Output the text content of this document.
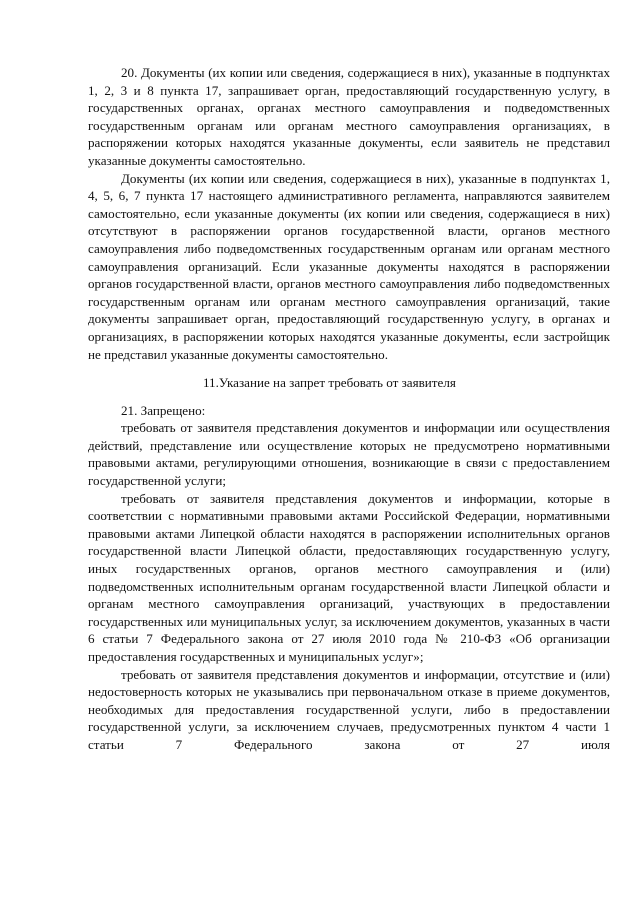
20. Документы (их копии или сведения, содержащиеся в них), указанные в подпунктах 1, 2, 3 и 8 пункта 17, запрашивает орган, предоставляющий государственную услугу, в государственных органах, органах местного самоуправления и подведомственных государственным органам или органам местного самоуправления организациях, в распоряжении которых находятся указанные документы, если заявитель не представил указанные документы самостоятельно.

Документы (их копии или сведения, содержащиеся в них), указанные в подпунктах 1, 4, 5, 6, 7 пункта 17 настоящего административного регламента, направляются заявителем самостоятельно, если указанные документы (их копии или сведения, содержащиеся в них) отсутствуют в распоряжении органов государственной власти, органов местного самоуправления либо подведомственных государственным органам или органам местного самоуправления организаций. Если указанные документы находятся в распоряжении органов государственной власти, органов местного самоуправления либо подведомственных государственным органам или органам местного самоуправления организаций, такие документы запрашивает орган, предоставляющий государственную услугу, в органах и организациях, в распоряжении которых находятся указанные документы, если застройщик не представил указанные документы самостоятельно.

11.Указание на запрет требовать от заявителя

21. Запрещено:

требовать от заявителя представления документов и информации или осуществления действий, представление или осуществление которых не предусмотрено нормативными правовыми актами, регулирующими отношения, возникающие в связи с предоставлением государственной услуги;

требовать от заявителя представления документов и информации, которые в соответствии с нормативными правовыми актами Российской Федерации, нормативными правовыми актами Липецкой области находятся в распоряжении исполнительных органов государственной власти Липецкой области, предоставляющих государственную услугу, иных государственных органов, органов местного самоуправления и (или) подведомственных исполнительным органам государственной власти Липецкой области и органам местного самоуправления организаций, участвующих в предоставлении государственных или муниципальных услуг, за исключением документов, указанных в части 6 статьи 7 Федерального закона от 27 июля 2010 года № 210-ФЗ «Об организации предоставления государственных и муниципальных услуг»;

требовать от заявителя представления документов и информации, отсутствие и (или) недостоверность которых не указывались при первоначальном отказе в приеме документов, необходимых для предоставления государственной услуги, либо в предоставлении государственной услуги, за исключением случаев, предусмотренных пунктом 4 части 1 статьи 7 Федерального закона от 27 июля
